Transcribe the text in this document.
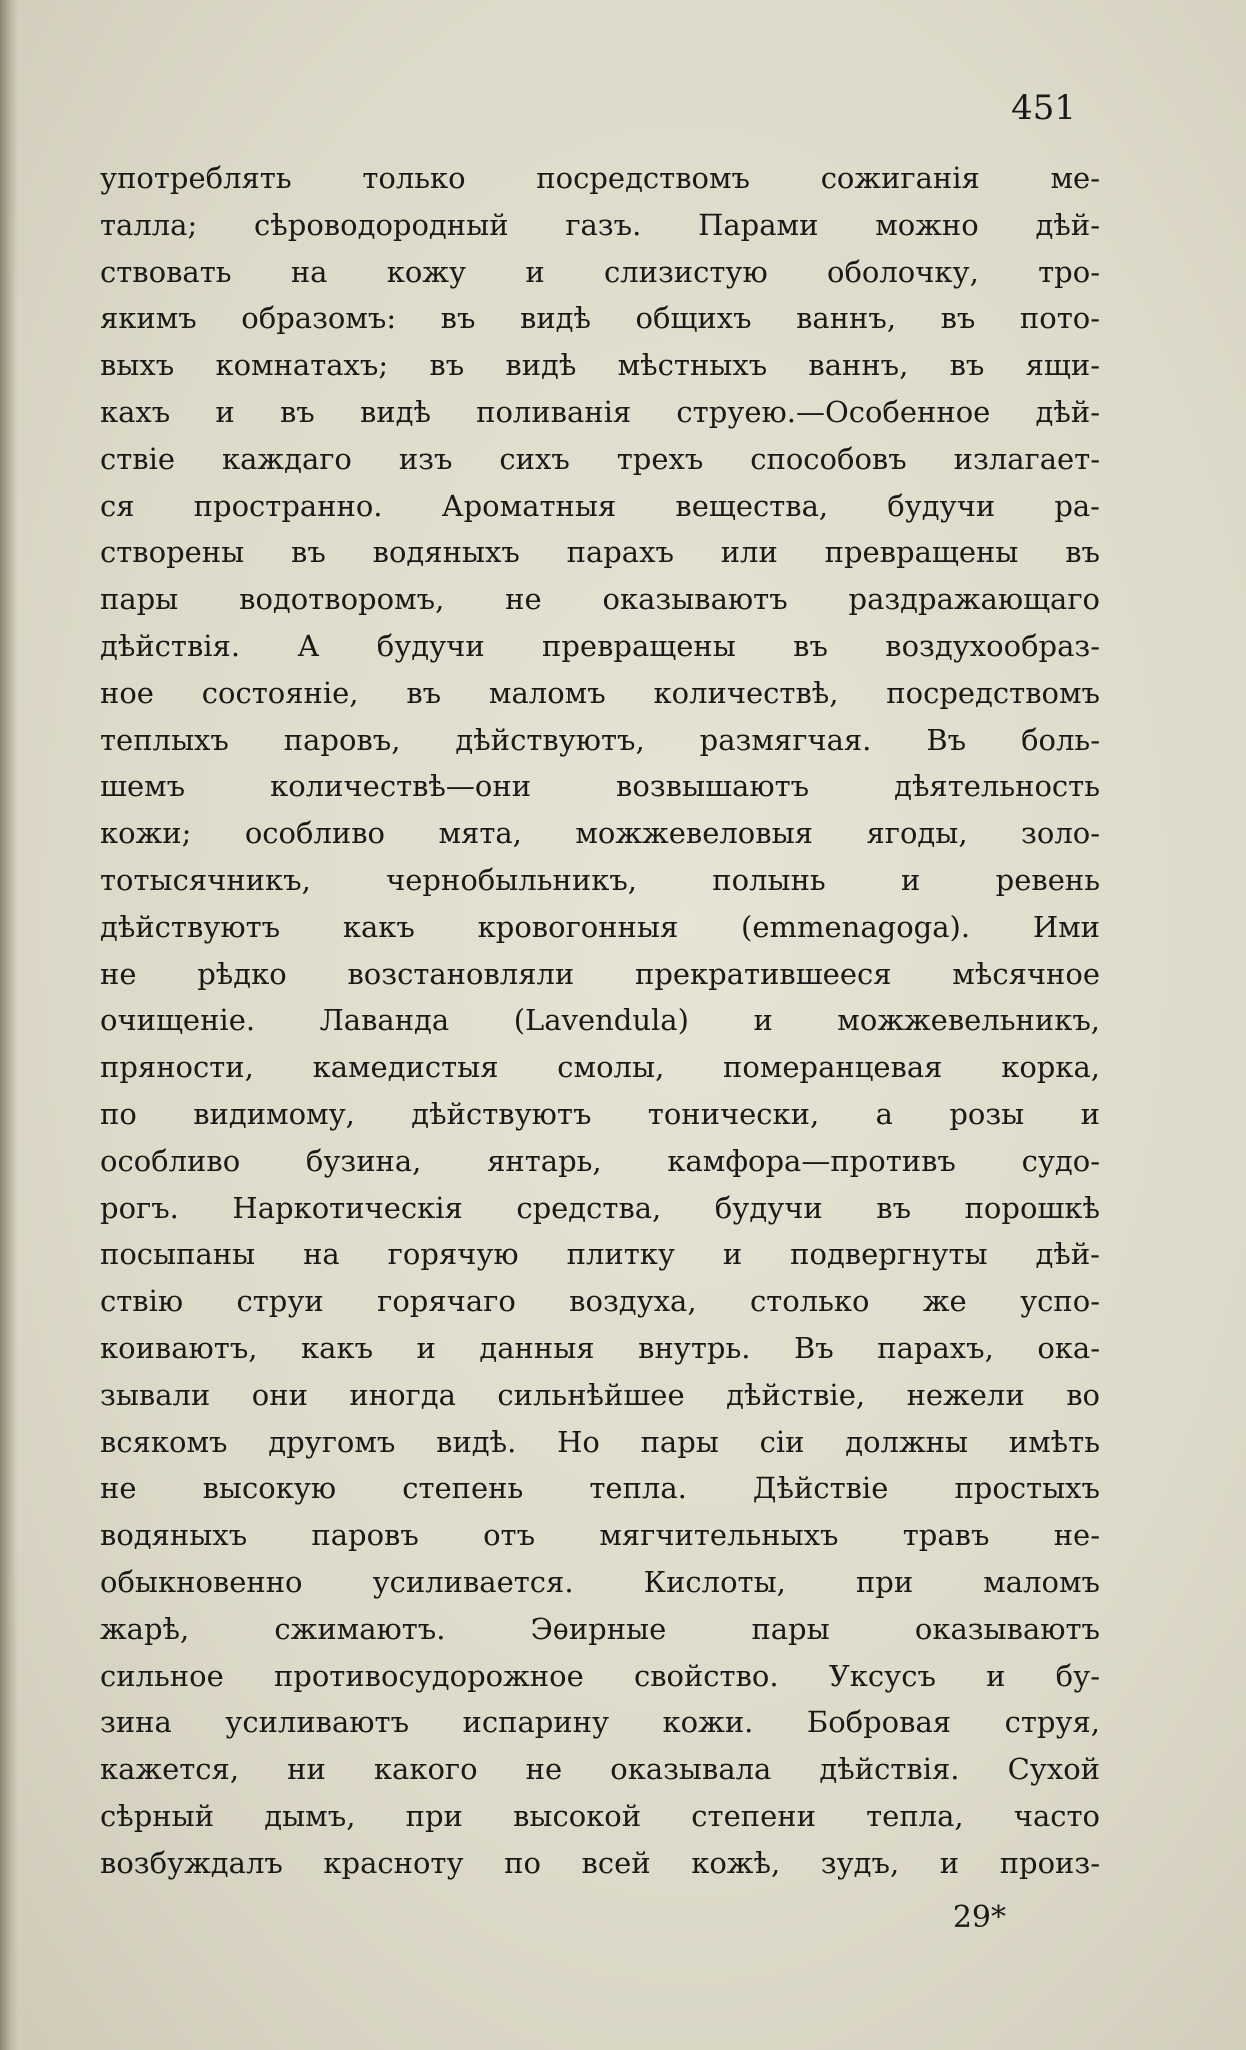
451
употреблять только посредствомъ сожиганія ме-
талла; сѣроводородный газъ. Парами можно дѣй-
ствовать на кожу и слизистую оболочку, тро-
якимъ образомъ: въ видѣ общихъ ваннъ, въ пото-
выхъ комнатахъ; въ видѣ мѣстныхъ ваннъ, въ ящи-
кахъ и въ видѣ поливанія струею.—Особенное дѣй-
ствіе каждаго изъ сихъ трехъ способовъ излагает-
ся пространно. Ароматныя вещества, будучи ра-
створены въ водяныхъ парахъ или превращены въ
пары водотворомъ, не оказываютъ раздражающаго
дѣйствія. А будучи превращены въ воздухообраз-
ное состояніе, въ маломъ количествѣ, посредствомъ
теплыхъ паровъ, дѣйствуютъ, размягчая. Въ боль-
шемъ количествѣ—они возвышаютъ дѣятельность
кожи; особливо мята, можжевеловыя ягоды, золо-
тотысячникъ, чернобыльникъ, полынь и ревень
дѣйствуютъ какъ кровогонныя (emmenagoga). Ими
не рѣдко возстановляли прекратившееся мѣсячное
очищеніе. Лаванда (Lavendula) и можжевельникъ,
пряности, камедистыя смолы, померанцевая корка,
по видимому, дѣйствуютъ тонически, а розы и
особливо бузина, янтарь, камфора—противъ судо-
рогъ. Наркотическія средства, будучи въ порошкѣ
посыпаны на горячую плитку и подвергнуты дѣй-
ствію струи горячаго воздуха, столько же успо-
коиваютъ, какъ и данныя внутрь. Въ парахъ, ока-
зывали они иногда сильнѣйшее дѣйствіе, нежели во
всякомъ другомъ видѣ. Но пары сіи должны имѣть
не высокую степень тепла. Дѣйствіе простыхъ
водяныхъ паровъ отъ мягчительныхъ травъ не-
обыкновенно усиливается. Кислоты, при маломъ
жарѣ, сжимаютъ. Эѳирные пары оказываютъ
сильное противосудорожное свойство. Уксусъ и бу-
зина усиливаютъ испарину кожи. Бобровая струя,
кажется, ни какого не оказывала дѣйствія. Сухой
сѣрный дымъ, при высокой степени тепла, часто
возбуждалъ красноту по всей кожѣ, зудъ, и произ-
29*
